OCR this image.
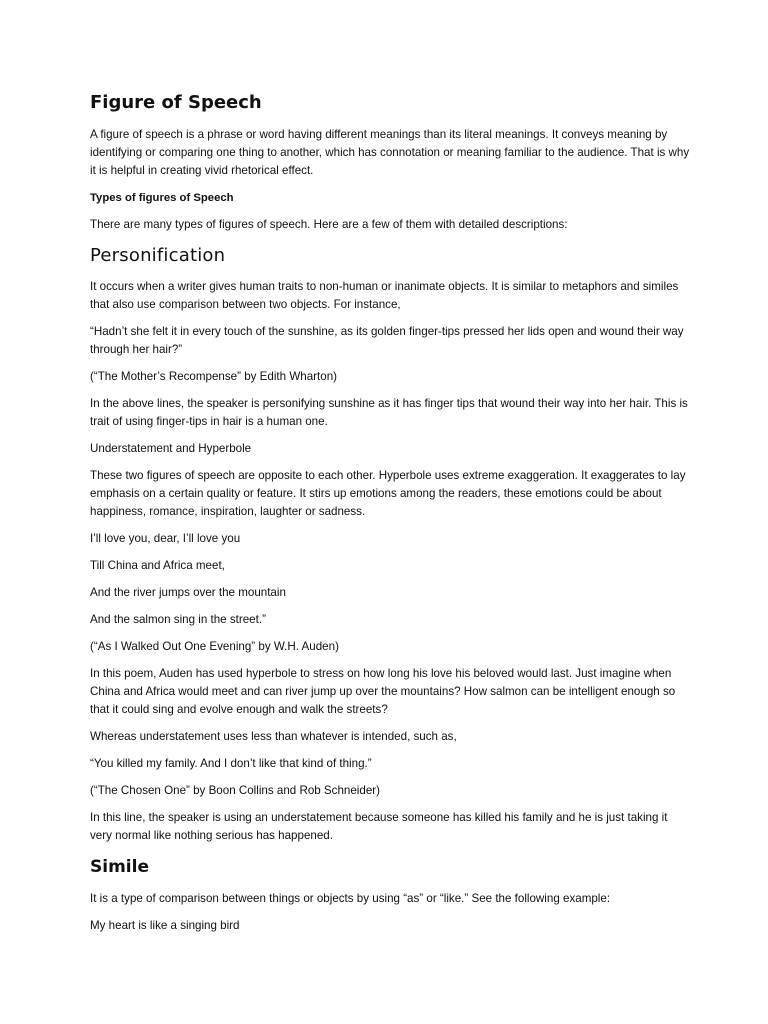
Figure of Speech

A figure of speech is a phrase or word having different meanings than its literal meanings. It conveys meaning by identifying or comparing one thing to another, which has connotation or meaning familiar to the audience. That is why it is helpful in creating vivid rhetorical effect.

Types of figures of Speech

There are many types of figures of speech. Here are a few of them with detailed descriptions:

Personification

It occurs when a writer gives human traits to non-human or inanimate objects. It is similar to metaphors and similes that also use comparison between two objects. For instance,

“Hadn’t she felt it in every touch of the sunshine, as its golden finger-tips pressed her lids open and wound their way through her hair?”

(“The Mother’s Recompense” by Edith Wharton)

In the above lines, the speaker is personifying sunshine as it has finger tips that wound their way into her hair. This is trait of using finger-tips in hair is a human one.

Understatement and Hyperbole

These two figures of speech are opposite to each other. Hyperbole uses extreme exaggeration. It exaggerates to lay emphasis on a certain quality or feature. It stirs up emotions among the readers, these emotions could be about happiness, romance, inspiration, laughter or sadness.

I’ll love you, dear, I’ll love you

Till China and Africa meet,

And the river jumps over the mountain

And the salmon sing in the street.”

(“As I Walked Out One Evening” by W.H. Auden)

In this poem, Auden has used hyperbole to stress on how long his love his beloved would last. Just imagine when China and Africa would meet and can river jump up over the mountains? How salmon can be intelligent enough so that it could sing and evolve enough and walk the streets?

Whereas understatement uses less than whatever is intended, such as,

“You killed my family. And I don’t like that kind of thing.”

(“The Chosen One” by Boon Collins and Rob Schneider)

In this line, the speaker is using an understatement because someone has killed his family and he is just taking it very normal like nothing serious has happened.

Simile

It is a type of comparison between things or objects by using “as” or “like.” See the following example:

My heart is like a singing bird
